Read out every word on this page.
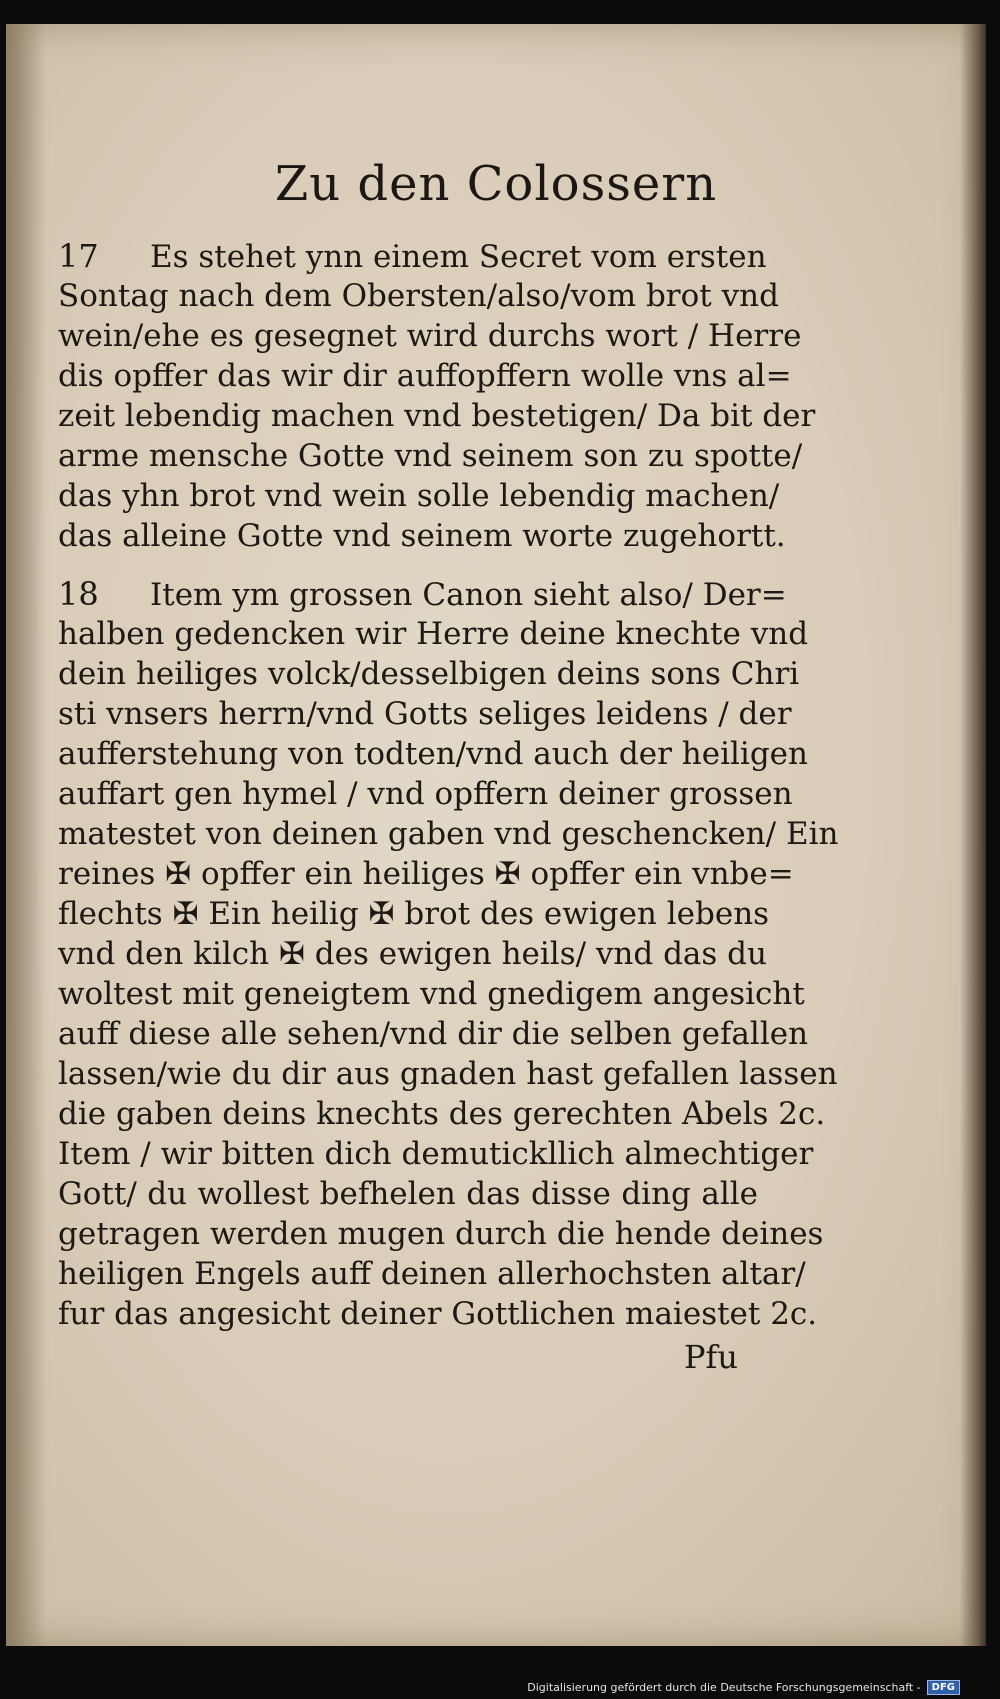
Zu den Colossern
17 Es stehet ynn einem Secret vom ersten
Sontag nach dem Obersten/also/vom brot vnd
wein/ehe es gesegnet wird durchs wort / Herre
dis opffer das wir dir auffopffern wolle vns al=
zeit lebendig machen vnd bestetigen/ Da bit der
arme mensche Gotte vnd seinem son zu spotte/
das yhn brot vnd wein solle lebendig machen/
das alleine Gotte vnd seinem worte zugehortt.
18 Item ym grossen Canon sieht also/ Der=
halben gedencken wir Herre deine knechte vnd
dein heiliges volck/desselbigen deins sons Chri
sti vnsers herrn/vnd Gotts seliges leidens / der
aufferstehung von todten/vnd auch der heiligen
auffart gen hymel / vnd opffern deiner grossen
matestet von deinen gaben vnd geschencken/ Ein
reines ✠ opffer ein heiliges ✠ opffer ein vnbe=
flechts ✠ Ein heilig ✠ brot des ewigen lebens
vnd den kilch ✠ des ewigen heils/ vnd das du
woltest mit geneigtem vnd gnedigem angesicht
auff diese alle sehen/vnd dir die selben gefallen
lassen/wie du dir aus gnaden hast gefallen lassen
die gaben deins knechts des gerechten Abels 2c.
Item / wir bitten dich demutickllich almechtiger
Gott/ du wollest befhelen das disse ding alle
getragen werden mugen durch die hende deines
heiligen Engels auff deinen allerhochsten altar/
fur das angesicht deiner Gottlichen maiestet 2c.
Pfu
Digitalisierung gefördert durch die Deutsche Forschungsgemeinschaft -	DFG
